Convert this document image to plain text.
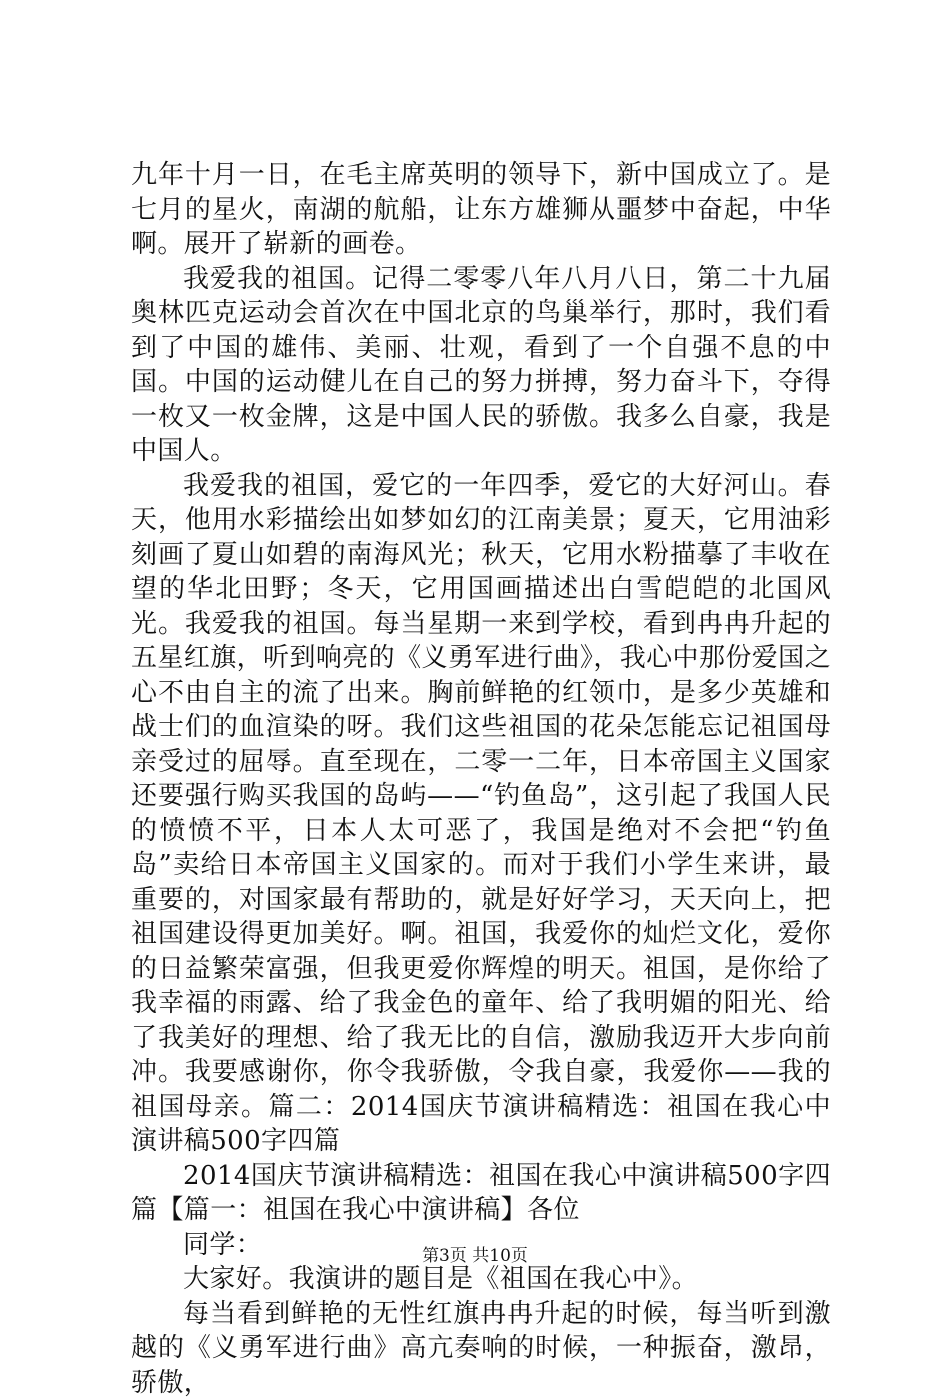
九年十月一日，在毛主席英明的领导下，新中国成立了。是七月的星火，南湖的航船，让东方雄狮从噩梦中奋起，中华啊。展开了崭新的画卷。

我爱我的祖国。记得二零零八年八月八日，第二十九届奥林匹克运动会首次在中国北京的鸟巢举行，那时，我们看到了中国的雄伟、美丽、壮观，看到了一个自强不息的中国。中国的运动健儿在自己的努力拼搏，努力奋斗下，夺得一枚又一枚金牌，这是中国人民的骄傲。我多么自豪，我是中国人。

我爱我的祖国，爱它的一年四季，爱它的大好河山。春天，他用水彩描绘出如梦如幻的江南美景；夏天，它用油彩刻画了夏山如碧的南海风光；秋天，它用水粉描摹了丰收在望的华北田野；冬天，它用国画描述出白雪皑皑的北国风光。我爱我的祖国。每当星期一来到学校，看到冉冉升起的五星红旗，听到响亮的《义勇军进行曲》，我心中那份爱国之心不由自主的流了出来。胸前鲜艳的红领巾，是多少英雄和战士们的血渲染的呀。我们这些祖国的花朵怎能忘记祖国母亲受过的屈辱。直至现在，二零一二年，日本帝国主义国家还要强行购买我国的岛屿——“钓鱼岛”，这引起了我国人民的愤愤不平，日本人太可恶了，我国是绝对不会把“钓鱼岛”卖给日本帝国主义国家的。而对于我们小学生来讲，最重要的，对国家最有帮助的，就是好好学习，天天向上，把祖国建设得更加美好。啊。祖国，我爱你的灿烂文化，爱你的日益繁荣富强，但我更爱你辉煌的明天。祖国，是你给了我幸福的雨露、给了我金色的童年、给了我明媚的阳光、给了我美好的理想、给了我无比的自信，激励我迈开大步向前冲。我要感谢你，你令我骄傲，令我自豪，我爱你——我的祖国母亲。篇二：2014国庆节演讲稿精选：祖国在我心中演讲稿500字四篇

2014国庆节演讲稿精选：祖国在我心中演讲稿500字四篇【篇一：祖国在我心中演讲稿】各位

同学：

大家好。我演讲的题目是《祖国在我心中》。

每当看到鲜艳的无性红旗冉冉升起的时候，每当听到激越的《义勇军进行曲》高亢奏响的时候，一种振奋，激昂，骄傲，

第3页 共10页
